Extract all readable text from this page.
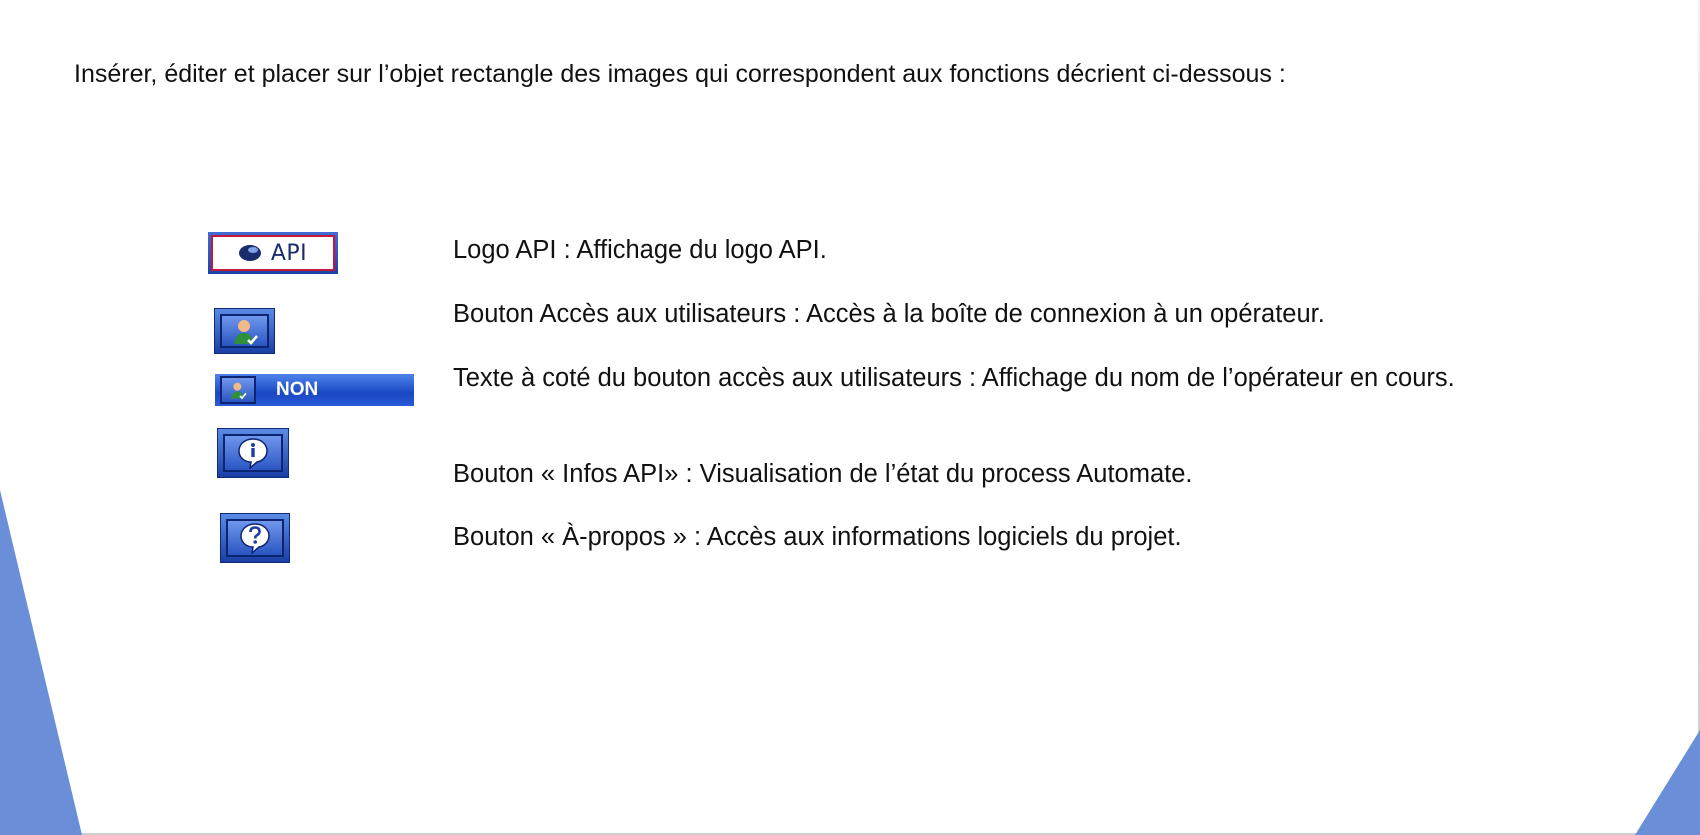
Insérer, éditer et placer sur l’objet rectangle des images qui correspondent aux fonctions décrient ci-dessous :
API
NON
Logo API : Affichage du logo API.
Bouton Accès aux utilisateurs : Accès à la boîte de connexion à un opérateur.
Texte à coté du bouton accès aux utilisateurs : Affichage du nom de l’opérateur en cours.
Bouton « Infos API» : Visualisation de l’état du process Automate.
Bouton « À-propos » : Accès aux informations logiciels du projet.
